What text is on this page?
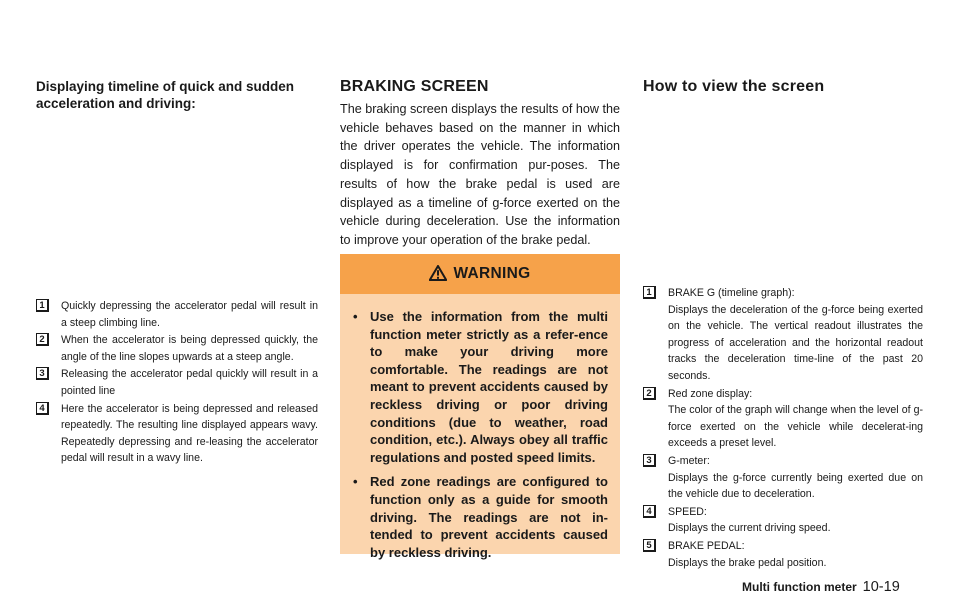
Displaying timeline of quick and sudden acceleration and driving:
1	Quickly depressing the accelerator pedal will result in a steep climbing line.
2	When the accelerator is being depressed quickly, the angle of the line slopes upwards at a steep angle.
3	Releasing the accelerator pedal quickly will result in a pointed line
4	Here the accelerator is being depressed and released repeatedly. The resulting line displayed appears wavy. Repeatedly depressing and re-leasing the accelerator pedal will result in a wavy line.
BRAKING SCREEN

The braking screen displays the results of how the vehicle behaves based on the manner in which the driver operates the vehicle. The information displayed is for confirmation pur-poses. The results of how the brake pedal is used are displayed as a timeline of g-force exerted on the vehicle during deceleration. Use the information to improve your operation of the brake pedal.

WARNING
• Use the information from the multi function meter strictly as a refer-ence to make your driving more comfortable. The readings are not meant to prevent accidents caused by reckless driving or poor driving conditions (due to weather, road condition, etc.). Always obey all traffic regulations and posted speed limits.
• Red zone readings are configured to function only as a guide for smooth driving. The readings are not in-tended to prevent accidents caused by reckless driving.
How to view the screen
1	BRAKE G (timeline graph):
Displays the deceleration of the g-force being exerted on the vehicle. The vertical readout illustrates the progress of acceleration and the horizontal readout tracks the deceleration time-line of the past 20 seconds.
2	Red zone display:
The color of the graph will change when the level of g-force exerted on the vehicle while decelerat-ing exceeds a preset level.
3	G-meter:
Displays the g-force currently being exerted due on the vehicle due to deceleration.
4	SPEED:
Displays the current driving speed.
5	BRAKE PEDAL:
Displays the brake pedal position.
Multi function meter 10-19
